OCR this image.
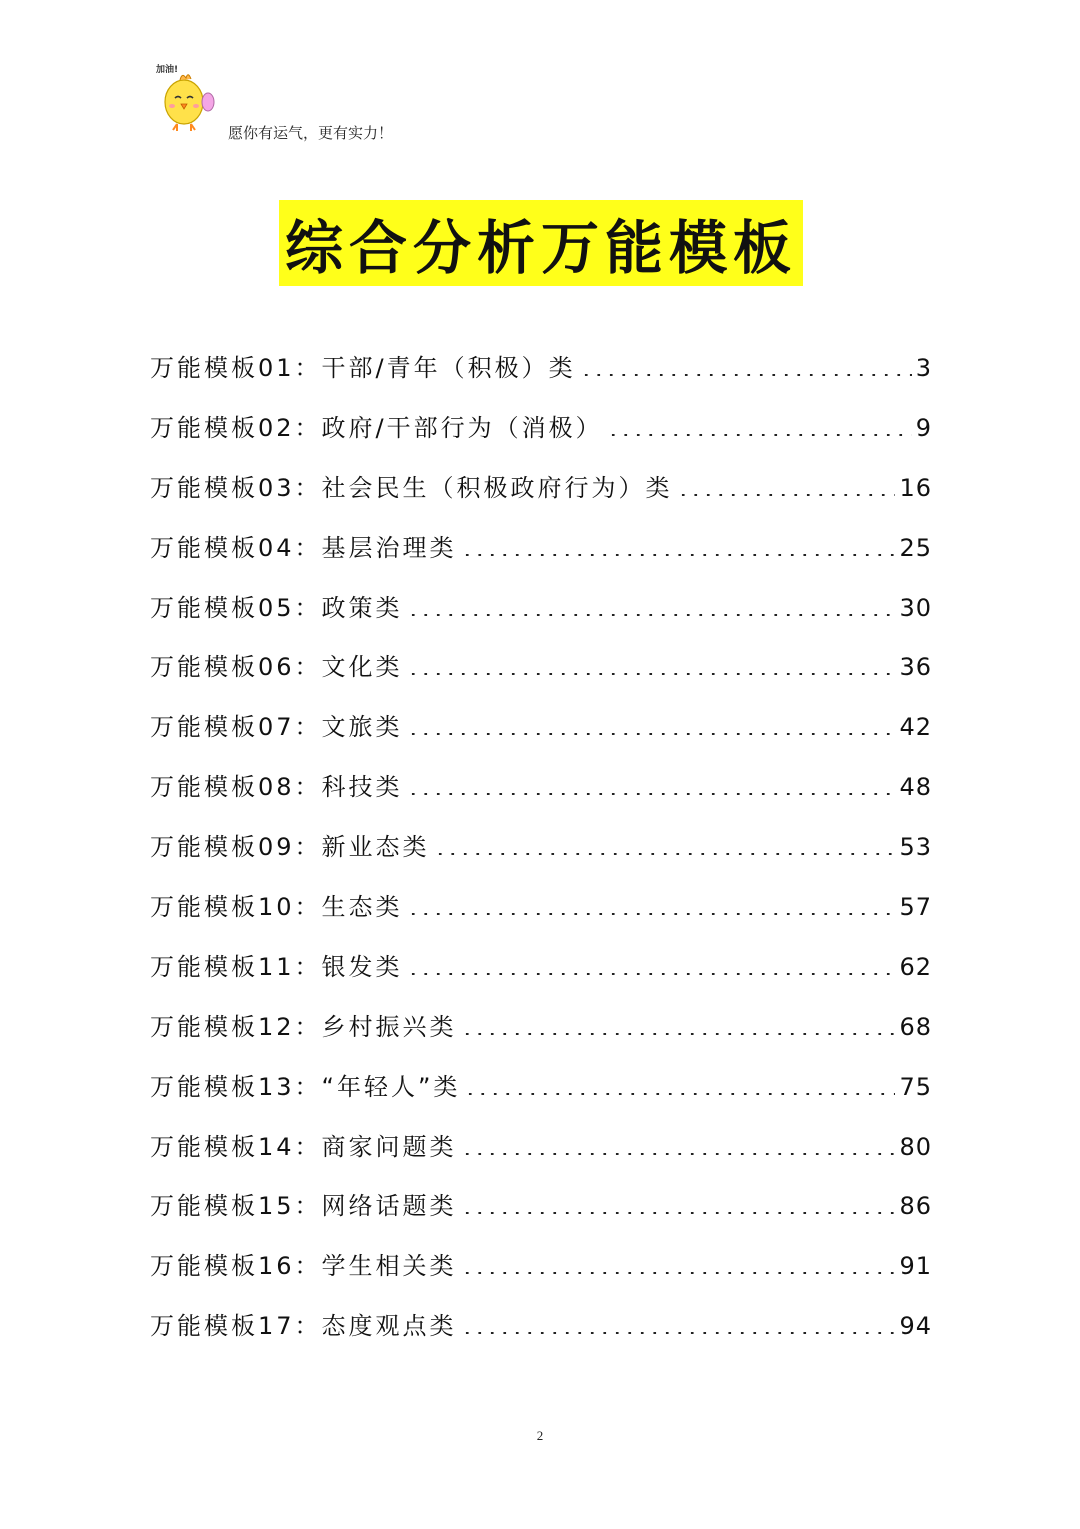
加油!
愿你有运气，更有实力！
综合分析万能模板
万能模板01：干部/青年（积极）类	3
万能模板02：政府/干部行为（消极）	9
万能模板03：社会民生（积极政府行为）类	16
万能模板04：基层治理类	25
万能模板05：政策类	30
万能模板06：文化类	36
万能模板07：文旅类	42
万能模板08：科技类	48
万能模板09：新业态类	53
万能模板10：生态类	57
万能模板11：银发类	62
万能模板12：乡村振兴类	68
万能模板13：“年轻人”类	75
万能模板14：商家问题类	80
万能模板15：网络话题类	86
万能模板16：学生相关类	91
万能模板17：态度观点类	94
2
